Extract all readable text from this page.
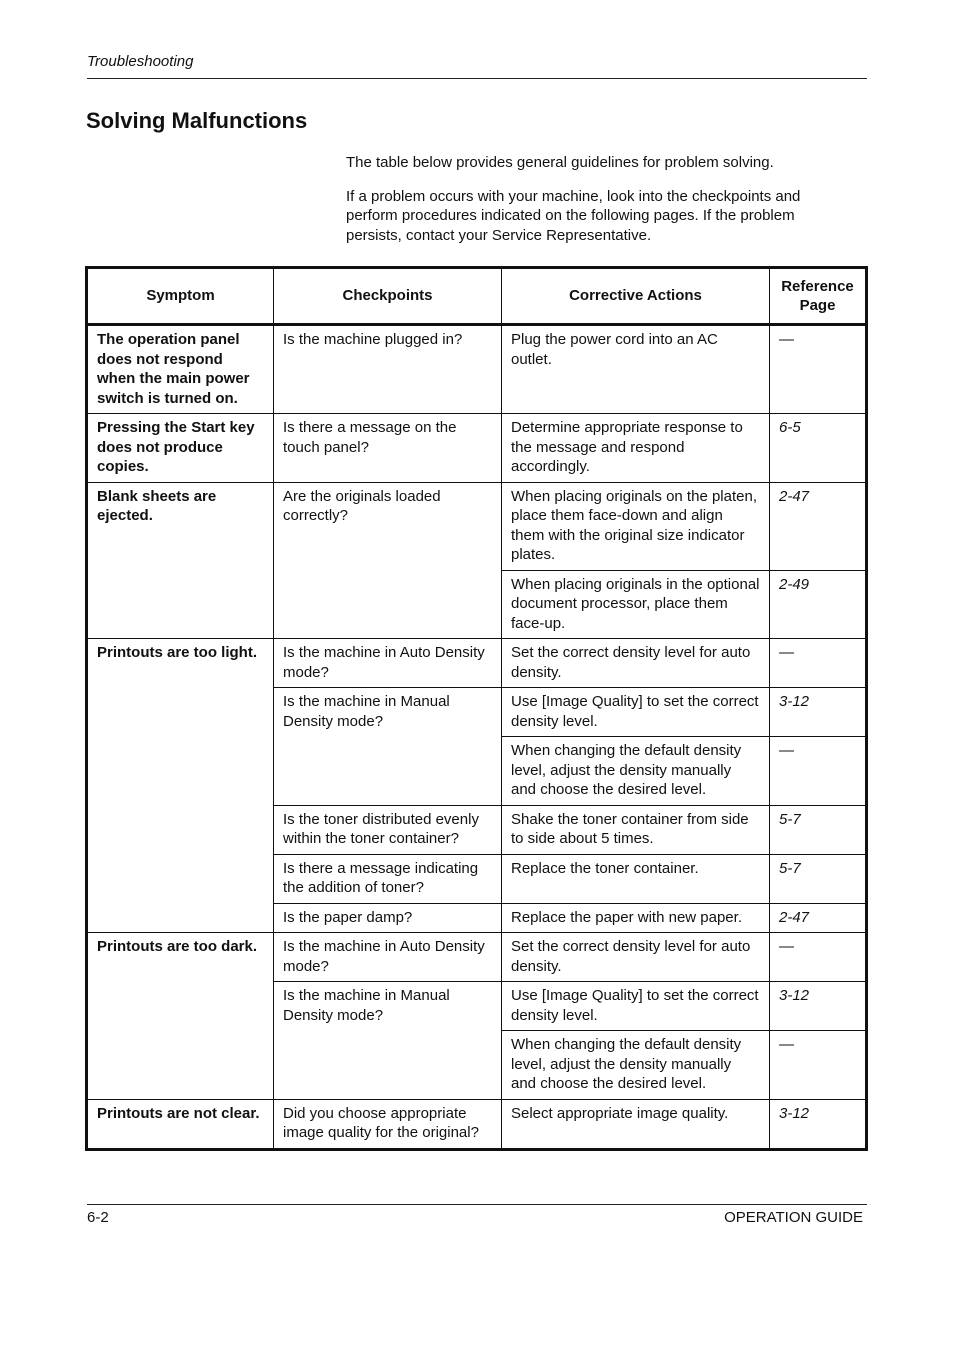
Troubleshooting
Solving Malfunctions

The table below provides general guidelines for problem solving.

If a problem occurs with your machine, look into the checkpoints and perform procedures indicated on the following pages. If the problem persists, contact your Service Representative.

Symptom	Checkpoints	Corrective Actions	Reference Page
The operation panel does not respond when the main power switch is turned on.	Is the machine plugged in?	Plug the power cord into an AC outlet.	—
Pressing the Start key does not produce copies.	Is there a message on the touch panel?	Determine appropriate response to the message and respond accordingly.	6-5
Blank sheets are ejected.	Are the originals loaded correctly?	When placing originals on the platen, place them face-down and align them with the original size indicator plates.	2-47
		When placing originals in the optional document processor, place them face-up.	2-49
Printouts are too light.	Is the machine in Auto Density mode?	Set the correct density level for auto density.	—
	Is the machine in Manual Density mode?	Use [Image Quality] to set the correct density level.	3-12
		When changing the default density level, adjust the density manually and choose the desired level.	—
	Is the toner distributed evenly within the toner container?	Shake the toner container from side to side about 5 times.	5-7
	Is there a message indicating the addition of toner?	Replace the toner container.	5-7
	Is the paper damp?	Replace the paper with new paper.	2-47
Printouts are too dark.	Is the machine in Auto Density mode?	Set the correct density level for auto density.	—
	Is the machine in Manual Density mode?	Use [Image Quality] to set the correct density level.	3-12
		When changing the default density level, adjust the density manually and choose the desired level.	—
Printouts are not clear.	Did you choose appropriate image quality for the original?	Select appropriate image quality.	3-12
6-2	OPERATION GUIDE
